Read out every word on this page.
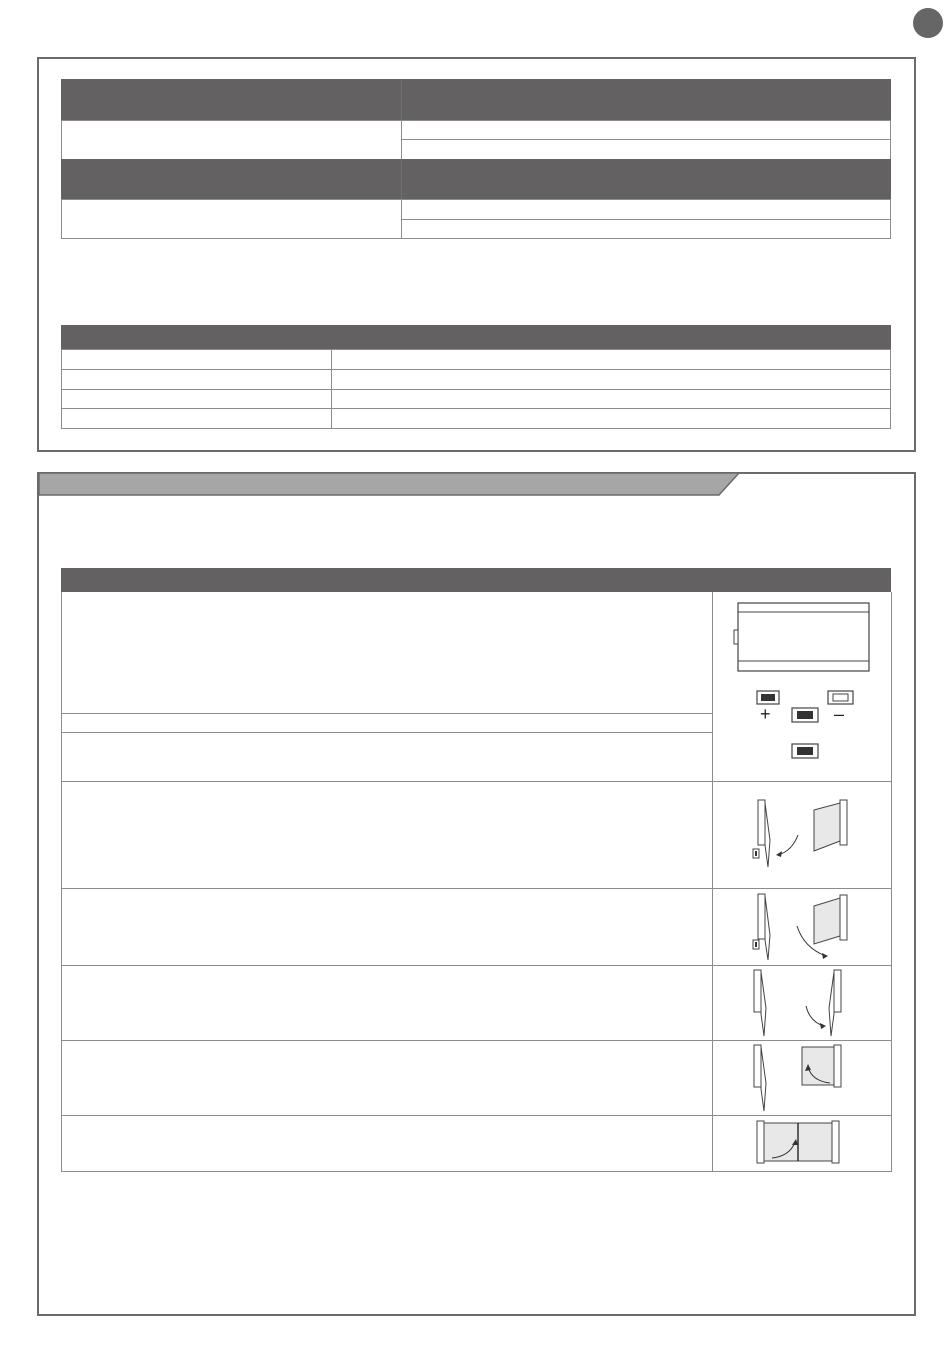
+	–
